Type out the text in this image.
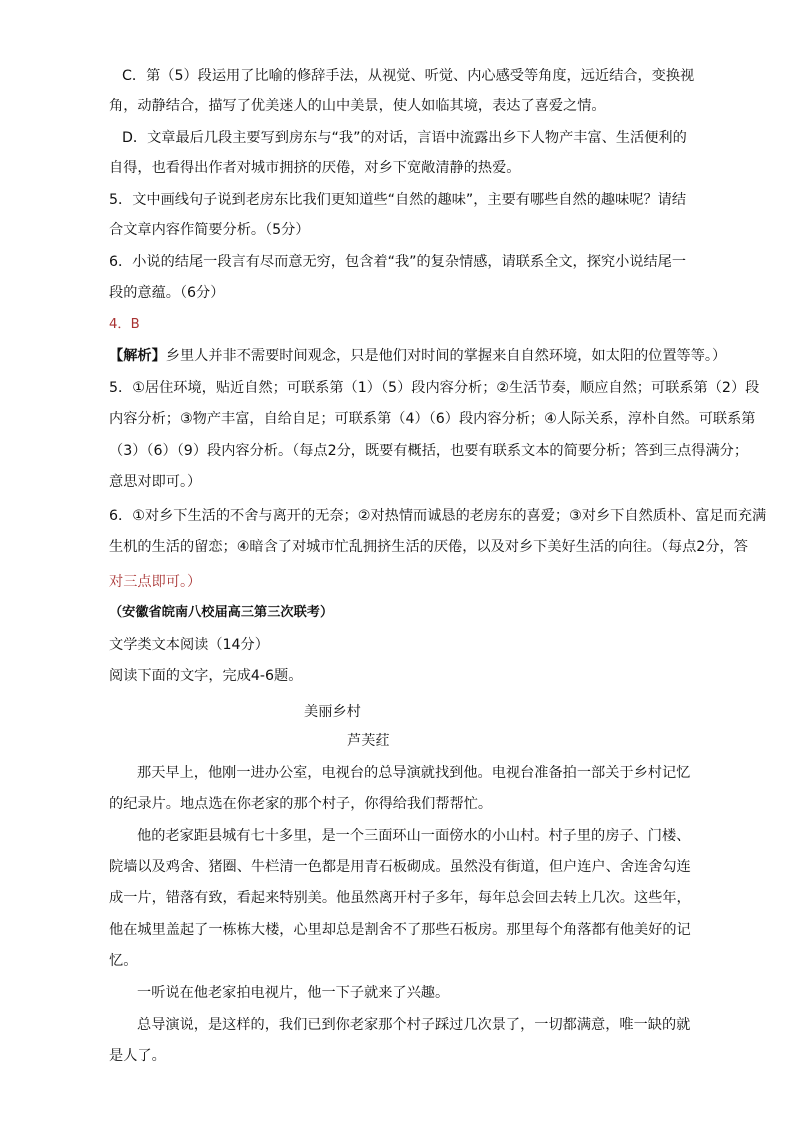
C．第（5）段运用了比喻的修辞手法，从视觉、听觉、内心感受等角度，远近结合，变换视
角，动静结合，描写了优美迷人的山中美景，使人如临其境，表达了喜爱之情。
D．文章最后几段主要写到房东与“我”的对话，言语中流露出乡下人物产丰富、生活便利的
自得，也看得出作者对城市拥挤的厌倦，对乡下宽敞清静的热爱。
5．文中画线句子说到老房东比我们更知道些“自然的趣味”，主要有哪些自然的趣味呢？请结
合文章内容作简要分析。（5分）
6．小说的结尾一段言有尽而意无穷，包含着“我”的复杂情感，请联系全文，探究小说结尾一
段的意蕴。（6分）
4．B
【解析】乡里人并非不需要时间观念，只是他们对时间的掌握来自自然环境，如太阳的位置等等。）
5．①居住环境，贴近自然；可联系第（1）（5）段内容分析；②生活节奏，顺应自然；可联系第（2）段
内容分析；③物产丰富，自给自足；可联系第（4）（6）段内容分析；④人际关系，淳朴自然。可联系第
（3）（6）（9）段内容分析。（每点2分，既要有概括，也要有联系文本的简要分析；答到三点得满分；
意思对即可。）
6．①对乡下生活的不舍与离开的无奈；②对热情而诚恳的老房东的喜爱；③对乡下自然质朴、富足而充满
生机的生活的留恋；④暗含了对城市忙乱拥挤生活的厌倦，以及对乡下美好生活的向往。（每点2分，答
对三点即可。）
（安徽省皖南八校届高三第三次联考）
文学类文本阅读（14分）
阅读下面的文字，完成4-6题。
美丽乡村
芦芙荭
那天早上，他刚一进办公室，电视台的总导演就找到他。电视台准备拍一部关于乡村记忆
的纪录片。地点选在你老家的那个村子，你得给我们帮帮忙。
他的老家距县城有七十多里，是一个三面环山一面傍水的小山村。村子里的房子、门楼、
院墙以及鸡舍、猪圈、牛栏清一色都是用青石板砌成。虽然没有街道，但户连户、舍连舍勾连
成一片，错落有致，看起来特别美。他虽然离开村子多年，每年总会回去转上几次。这些年，
他在城里盖起了一栋栋大楼，心里却总是割舍不了那些石板房。那里每个角落都有他美好的记
忆。
一听说在他老家拍电视片，他一下子就来了兴趣。
总导演说，是这样的，我们已到你老家那个村子踩过几次景了，一切都满意，唯一缺的就
是人了。
